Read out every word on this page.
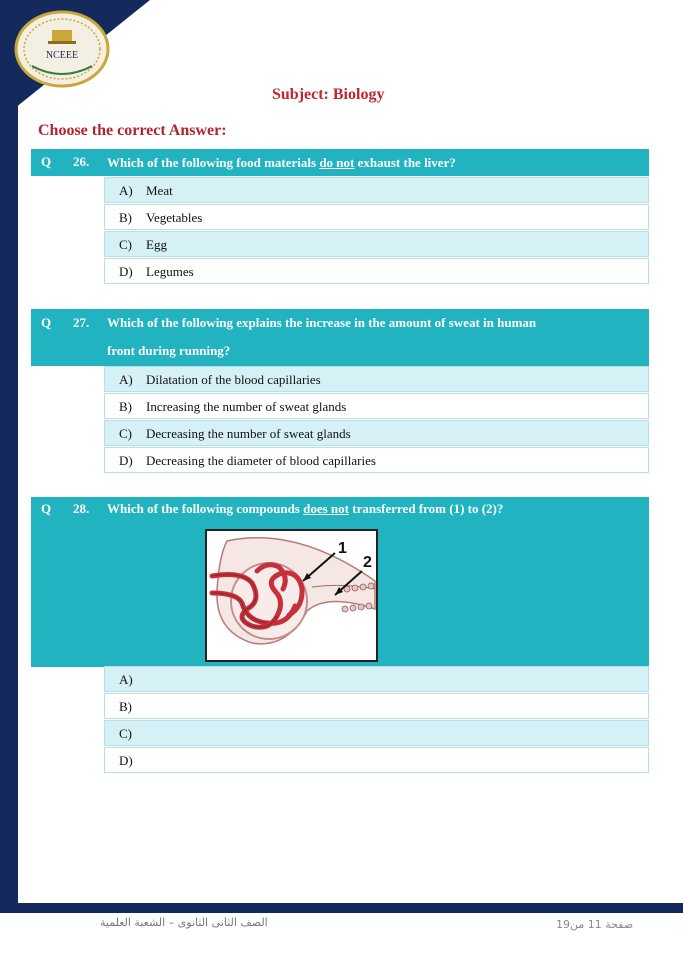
NCEEE
Subject: Biology
Choose the correct Answer:
Q 26. Which of the following food materials do not exhaust the liver?
A) Meat
B) Vegetables
C) Egg
D) Legumes
Q 27. Which of the following explains the increase in the amount of sweat in human
front during running?
A) Dilatation of the blood capillaries
B) Increasing the number of sweat glands
C) Decreasing the number of sweat glands
D) Decreasing the diameter of blood capillaries
Q 28. Which of the following compounds does not transferred from (1) to (2)?
1
2
A)
B)
C)
D)
الصف الثانى الثانوى – الشعبة العلمية	صفحة 11 من19
